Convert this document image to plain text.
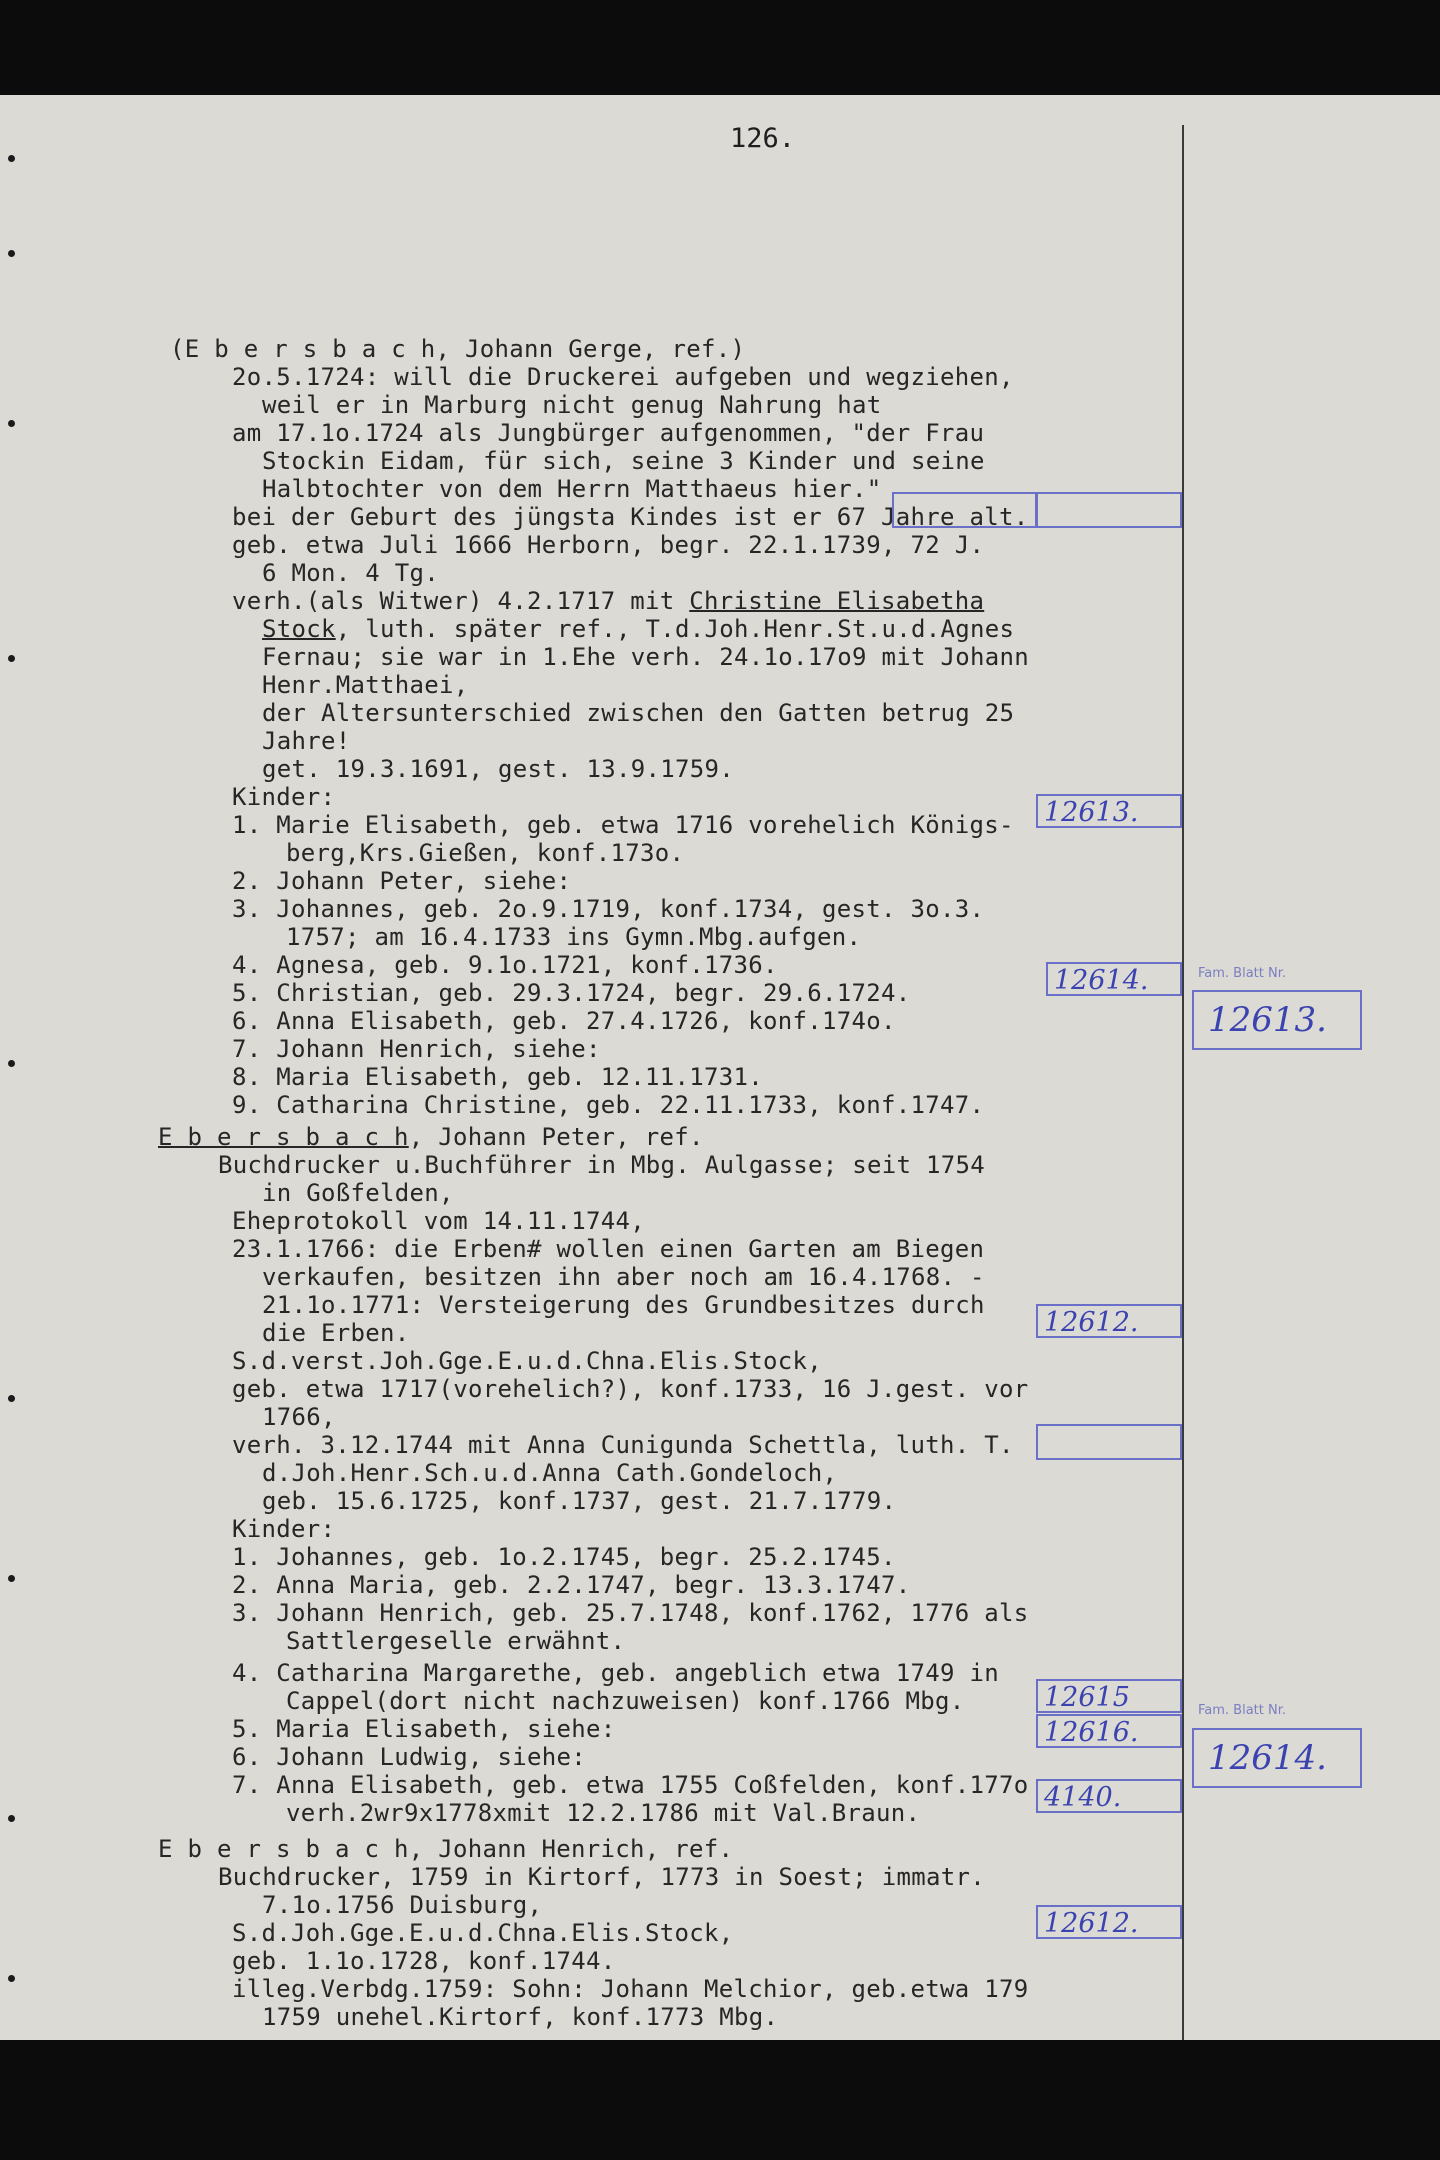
126.
(E b e r s b a c h, Johann Gerge, ref.)
2o.5.1724: will die Druckerei aufgeben und wegziehen,
weil er in Marburg nicht genug Nahrung hat
am 17.1o.1724 als Jungbürger aufgenommen, "der Frau
Stockin Eidam, für sich, seine 3 Kinder und seine
Halbtochter von dem Herrn Matthaeus hier."
bei der Geburt des jüngsta Kindes ist er 67 Jahre alt.
geb. etwa Juli 1666 Herborn, begr. 22.1.1739, 72 J.
6 Mon. 4 Tg.
verh.(als Witwer) 4.2.1717 mit Christine Elisabetha
Stock, luth. später ref., T.d.Joh.Henr.St.u.d.Agnes
Fernau; sie war in 1.Ehe verh. 24.1o.17o9 mit Johann
Henr.Matthaei,
der Altersunterschied zwischen den Gatten betrug 25
Jahre!
get. 19.3.1691, gest. 13.9.1759.
Kinder:
1. Marie Elisabeth, geb. etwa 1716 vorehelich Königs-
berg,Krs.Gießen, konf.173o.
2. Johann Peter, siehe:
3. Johannes, geb. 2o.9.1719, konf.1734, gest. 3o.3.
1757; am 16.4.1733 ins Gymn.Mbg.aufgen.
4. Agnesa, geb. 9.1o.1721, konf.1736.
5. Christian, geb. 29.3.1724, begr. 29.6.1724.
6. Anna Elisabeth, geb. 27.4.1726, konf.174o.
7. Johann Henrich, siehe:
8. Maria Elisabeth, geb. 12.11.1731.
9. Catharina Christine, geb. 22.11.1733, konf.1747.
E b e r s b a c h, Johann Peter, ref.
Buchdrucker u.Buchführer in Mbg. Aulgasse; seit 1754
in Goßfelden,
Eheprotokoll vom 14.11.1744,
23.1.1766: die Erben# wollen einen Garten am Biegen
verkaufen, besitzen ihn aber noch am 16.4.1768. -
21.1o.1771: Versteigerung des Grundbesitzes durch
die Erben.
S.d.verst.Joh.Gge.E.u.d.Chna.Elis.Stock,
geb. etwa 1717(vorehelich?), konf.1733, 16 J.gest. vor
1766,
verh. 3.12.1744 mit Anna Cunigunda Schettla, luth. T.
d.Joh.Henr.Sch.u.d.Anna Cath.Gondeloch,
geb. 15.6.1725, konf.1737, gest. 21.7.1779.
Kinder:
1. Johannes, geb. 1o.2.1745, begr. 25.2.1745.
2. Anna Maria, geb. 2.2.1747, begr. 13.3.1747.
3. Johann Henrich, geb. 25.7.1748, konf.1762, 1776 als
Sattlergeselle erwähnt.
4. Catharina Margarethe, geb. angeblich etwa 1749 in
Cappel(dort nicht nachzuweisen) konf.1766 Mbg.
5. Maria Elisabeth, siehe:
6. Johann Ludwig, siehe:
7. Anna Elisabeth, geb. etwa 1755 Coßfelden, konf.177o
verh.2wr9x1778xmit 12.2.1786 mit Val.Braun.
E b e r s b a c h, Johann Henrich, ref.
Buchdrucker, 1759 in Kirtorf, 1773 in Soest; immatr.
7.1o.1756 Duisburg,
S.d.Joh.Gge.E.u.d.Chna.Elis.Stock,
geb. 1.1o.1728, konf.1744.
illeg.Verbdg.1759: Sohn: Johann Melchior, geb.etwa 179
1759 unehel.Kirtorf, konf.1773 Mbg.
12613.
12614.
12612.
12615
12616.
4140.
12612.
Fam. Blatt Nr.
12613.
Fam. Blatt Nr.
12614.
